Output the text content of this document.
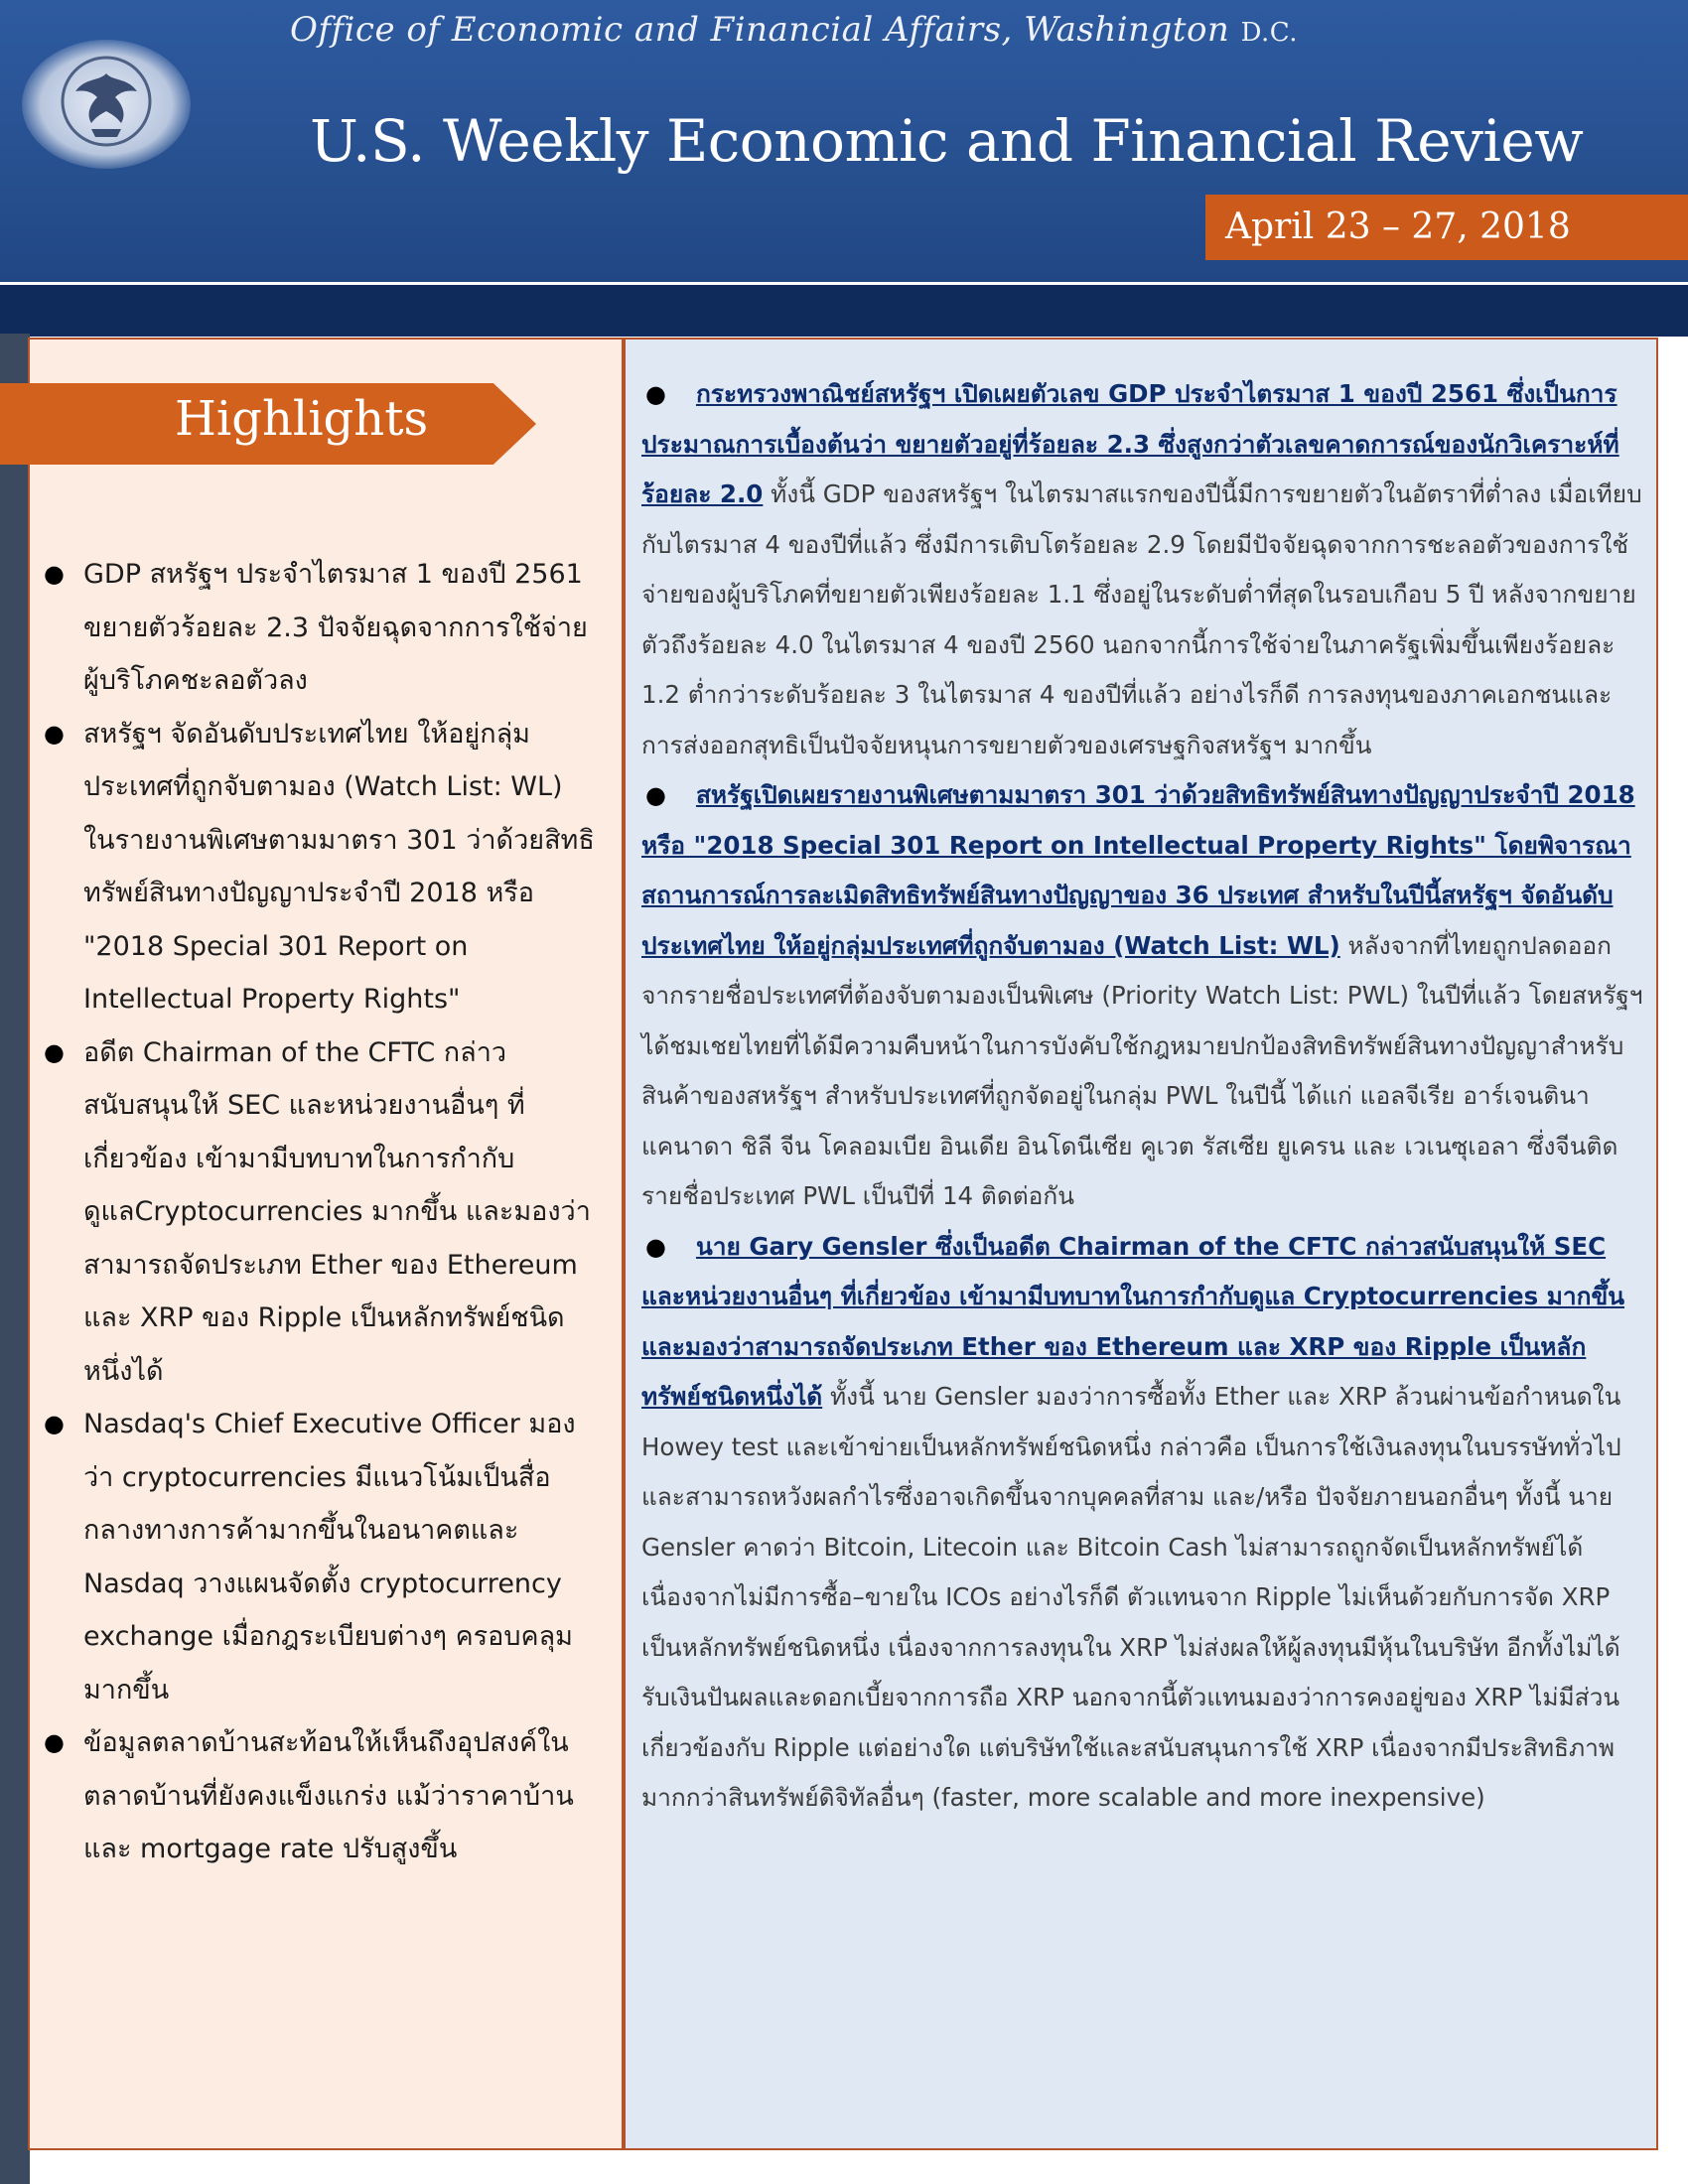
Office of Economic and Financial Affairs, Washington D.C.
U.S. Weekly Economic and Financial Review
April 23 – 27, 2018
Highlights
● GDP สหรัฐฯ ประจำไตรมาส 1 ของปี 2561 ขยายตัวร้อยละ 2.3 ปัจจัยฉุดจากการใช้จ่ายผู้บริโภคชะลอตัวลง
● สหรัฐฯ จัดอันดับประเทศไทย ให้อยู่กลุ่มประเทศที่ถูกจับตามอง (Watch List: WL) ในรายงานพิเศษตามมาตรา 301 ว่าด้วยสิทธิทรัพย์สินทางปัญญาประจำปี 2018 หรือ "2018 Special 301 Report on Intellectual Property Rights"
● อดีต Chairman of the CFTC กล่าวสนับสนุนให้ SEC และหน่วยงานอื่นๆ ที่เกี่ยวข้อง เข้ามามีบทบาทในการกำกับดูแลCryptocurrencies มากขึ้น และมองว่าสามารถจัดประเภท Ether ของ Ethereum และ XRP ของ Ripple เป็นหลักทรัพย์ชนิดหนึ่งได้
● Nasdaq's Chief Executive Officer มองว่า cryptocurrencies มีแนวโน้มเป็นสื่อกลางทางการค้ามากขึ้นในอนาคตและ Nasdaq วางแผนจัดตั้ง cryptocurrency exchange เมื่อกฎระเบียบต่างๆ ครอบคลุมมากขึ้น
● ข้อมูลตลาดบ้านสะท้อนให้เห็นถึงอุปสงค์ในตลาดบ้านที่ยังคงแข็งแกร่ง แม้ว่าราคาบ้านและ mortgage rate ปรับสูงขึ้น
● กระทรวงพาณิชย์สหรัฐฯ เปิดเผยตัวเลข GDP ประจำไตรมาส 1 ของปี 2561 ซึ่งเป็นการประมาณการเบื้องต้นว่า ขยายตัวอยู่ที่ร้อยละ 2.3 ซึ่งสูงกว่าตัวเลขคาดการณ์ของนักวิเคราะห์ที่ร้อยละ 2.0 ทั้งนี้ GDP ของสหรัฐฯ ในไตรมาสแรกของปีนี้มีการขยายตัวในอัตราที่ต่ำลง เมื่อเทียบกับไตรมาส 4 ของปีที่แล้ว ซึ่งมีการเติบโตร้อยละ 2.9 โดยมีปัจจัยฉุดจากการชะลอตัวของการใช้จ่ายของผู้บริโภคที่ขยายตัวเพียงร้อยละ 1.1 ซึ่งอยู่ในระดับต่ำที่สุดในรอบเกือบ 5 ปี หลังจากขยายตัวถึงร้อยละ 4.0 ในไตรมาส 4 ของปี 2560 นอกจากนี้การใช้จ่ายในภาครัฐเพิ่มขึ้นเพียงร้อยละ 1.2 ต่ำกว่าระดับร้อยละ 3 ในไตรมาส 4 ของปีที่แล้ว อย่างไรก็ดี การลงทุนของภาคเอกชนและการส่งออกสุทธิเป็นปัจจัยหนุนการขยายตัวของเศรษฐกิจสหรัฐฯ มากขึ้น
● สหรัฐเปิดเผยรายงานพิเศษตามมาตรา 301 ว่าด้วยสิทธิทรัพย์สินทางปัญญาประจำปี 2018 หรือ "2018 Special 301 Report on Intellectual Property Rights" โดยพิจารณาสถานการณ์การละเมิดสิทธิทรัพย์สินทางปัญญาของ 36 ประเทศ สำหรับในปีนี้สหรัฐฯ จัดอันดับประเทศไทย ให้อยู่กลุ่มประเทศที่ถูกจับตามอง (Watch List: WL) หลังจากที่ไทยถูกปลดออกจากรายชื่อประเทศที่ต้องจับตามองเป็นพิเศษ (Priority Watch List: PWL) ในปีที่แล้ว โดยสหรัฐฯ ได้ชมเชยไทยที่ได้มีความคืบหน้าในการบังคับใช้กฎหมายปกป้องสิทธิทรัพย์สินทางปัญญาสำหรับสินค้าของสหรัฐฯ สำหรับประเทศที่ถูกจัดอยู่ในกลุ่ม PWL ในปีนี้ ได้แก่ แอลจีเรีย อาร์เจนตินา แคนาดา ชิลี จีน โคลอมเบีย อินเดีย อินโดนีเซีย คูเวต รัสเซีย ยูเครน และ เวเนซุเอลา ซึ่งจีนติดรายชื่อประเทศ PWL เป็นปีที่ 14 ติดต่อกัน
● นาย Gary Gensler ซึ่งเป็นอดีต Chairman of the CFTC กล่าวสนับสนุนให้ SEC และหน่วยงานอื่นๆ ที่เกี่ยวข้อง เข้ามามีบทบาทในการกำกับดูแล Cryptocurrencies มากขึ้น และมองว่าสามารถจัดประเภท Ether ของ Ethereum และ XRP ของ Ripple เป็นหลักทรัพย์ชนิดหนึ่งได้ ทั้งนี้ นาย Gensler มองว่าการซื้อทั้ง Ether และ XRP ล้วนผ่านข้อกำหนดใน Howey test และเข้าข่ายเป็นหลักทรัพย์ชนิดหนึ่ง กล่าวคือ เป็นการใช้เงินลงทุนในบรรษัททั่วไปและสามารถหวังผลกำไรซึ่งอาจเกิดขึ้นจากบุคคลที่สาม และ/หรือ ปัจจัยภายนอกอื่นๆ ทั้งนี้ นาย Gensler คาดว่า Bitcoin, Litecoin และ Bitcoin Cash ไม่สามารถถูกจัดเป็นหลักทรัพย์ได้เนื่องจากไม่มีการซื้อ–ขายใน ICOs อย่างไรก็ดี ตัวแทนจาก Ripple ไม่เห็นด้วยกับการจัด XRP เป็นหลักทรัพย์ชนิดหนึ่ง เนื่องจากการลงทุนใน XRP ไม่ส่งผลให้ผู้ลงทุนมีหุ้นในบริษัท อีกทั้งไม่ได้รับเงินปันผลและดอกเบี้ยจากการถือ XRP นอกจากนี้ตัวแทนมองว่าการคงอยู่ของ XRP ไม่มีส่วนเกี่ยวข้องกับ Ripple แต่อย่างใด แต่บริษัทใช้และสนับสนุนการใช้ XRP เนื่องจากมีประสิทธิภาพมากกว่าสินทรัพย์ดิจิทัลอื่นๆ (faster, more scalable and more inexpensive)
